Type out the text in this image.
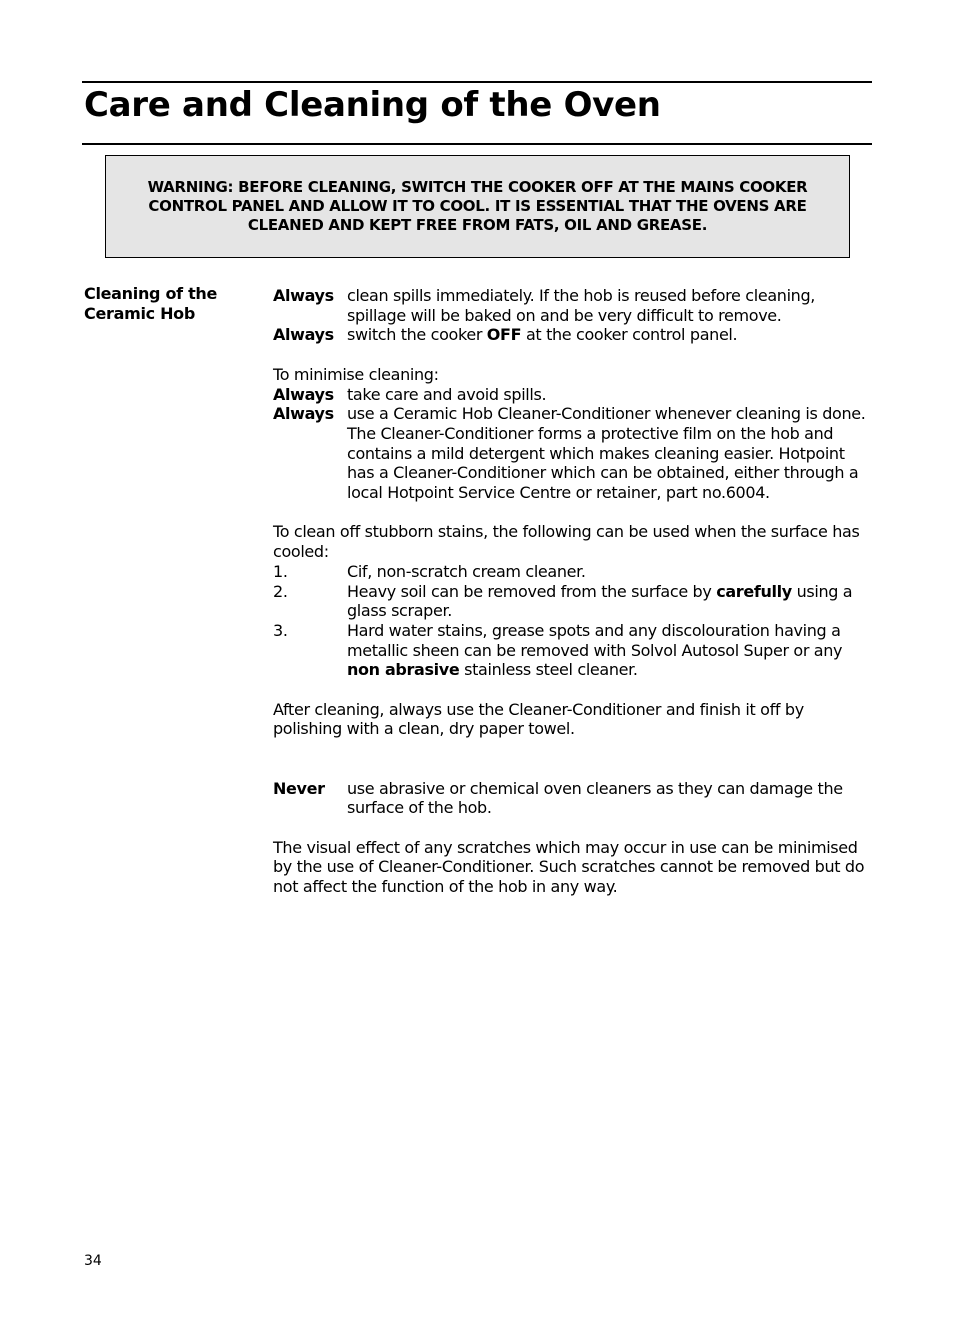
Care and Cleaning of the Oven

WARNING: BEFORE CLEANING, SWITCH THE COOKER OFF AT THE MAINS COOKER CONTROL PANEL AND ALLOW IT TO COOL. IT IS ESSENTIAL THAT THE OVENS ARE CLEANED AND KEPT FREE FROM FATS, OIL AND GREASE.

Cleaning of the Ceramic Hob

Always clean spills immediately. If the hob is reused before cleaning, spillage will be baked on and be very difficult to remove.
Always switch the cooker OFF at the cooker control panel.

To minimise cleaning:

Always take care and avoid spills.
Always use a Ceramic Hob Cleaner-Conditioner whenever cleaning is done. The Cleaner-Conditioner forms a protective film on the hob and contains a mild detergent which makes cleaning easier. Hotpoint has a Cleaner-Conditioner which can be obtained, either through a local Hotpoint Service Centre or retainer, part no.6004.

To clean off stubborn stains, the following can be used when the surface has cooled:

1.	Cif, non-scratch cream cleaner.
2.	Heavy soil can be removed from the surface by carefully using a glass scraper.
3.	Hard water stains, grease spots and any discolouration having a metallic sheen can be removed with Solvol Autosol Super or any non abrasive stainless steel cleaner.

After cleaning, always use the Cleaner-Conditioner and finish it off by polishing with a clean, dry paper towel.

Never	use abrasive or chemical oven cleaners as they can damage the surface of the hob.

The visual effect of any scratches which may occur in use can be minimised by the use of Cleaner-Conditioner. Such scratches cannot be removed but do not affect the function of the hob in any way.

34
